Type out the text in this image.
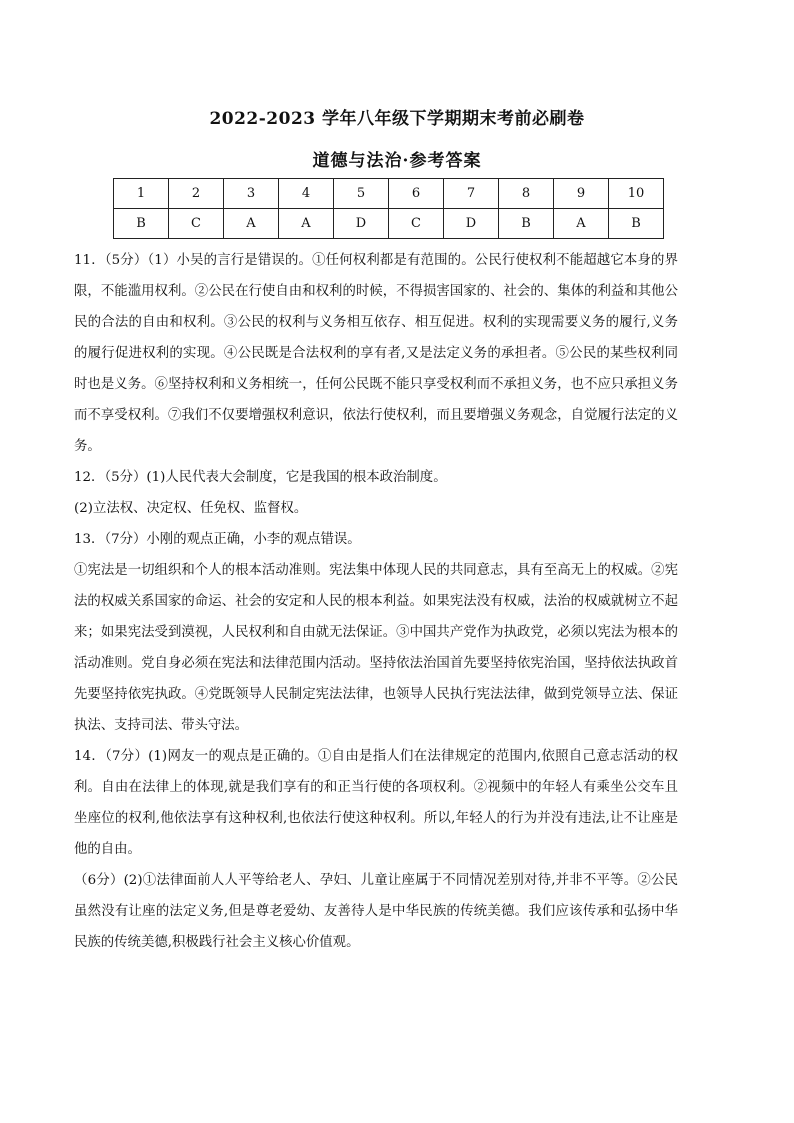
2022-2023 学年八年级下学期期末考前必刷卷
道德与法治·参考答案
1	2	3	4	5	6	7	8	9	10
B	C	A	A	D	C	D	B	A	B

11．（5分）（1）小吴的言行是错误的。①任何权利都是有范围的。公民行使权利不能超越它本身的界限，不能滥用权利。②公民在行使自由和权利的时候，不得损害国家的、社会的、集体的利益和其他公民的合法的自由和权利。③公民的权利与义务相互依存、相互促进。权利的实现需要义务的履行,义务的履行促进权利的实现。④公民既是合法权利的享有者,又是法定义务的承担者。⑤公民的某些权利同时也是义务。⑥坚持权利和义务相统一，任何公民既不能只享受权利而不承担义务，也不应只承担义务而不享受权利。⑦我们不仅要增强权利意识，依法行使权利，而且要增强义务观念，自觉履行法定的义务。

12．（5分）(1)人民代表大会制度，它是我国的根本政治制度。

(2)立法权、决定权、任免权、监督权。

13．（7分）小刚的观点正确，小李的观点错误。

①宪法是一切组织和个人的根本活动准则。宪法集中体现人民的共同意志，具有至高无上的权威。②宪法的权威关系国家的命运、社会的安定和人民的根本利益。如果宪法没有权威，法治的权威就树立不起来；如果宪法受到漠视，人民权利和自由就无法保证。③中国共产党作为执政党，必须以宪法为根本的活动准则。党自身必须在宪法和法律范围内活动。坚持依法治国首先要坚持依宪治国，坚持依法执政首先要坚持依宪执政。④党既领导人民制定宪法法律，也领导人民执行宪法法律，做到党领导立法、保证执法、支持司法、带头守法。

14．（7分）(1)网友一的观点是正确的。①自由是指人们在法律规定的范围内,依照自己意志活动的权利。自由在法律上的体现,就是我们享有的和正当行使的各项权利。②视频中的年轻人有乘坐公交车且坐座位的权利,他依法享有这种权利,也依法行使这种权利。所以,年轻人的行为并没有违法,让不让座是他的自由。

（6分）(2)①法律面前人人平等给老人、孕妇、儿童让座属于不同情况差别对待,并非不平等。②公民虽然没有让座的法定义务,但是尊老爱幼、友善待人是中华民族的传统美德。我们应该传承和弘扬中华民族的传统美德,积极践行社会主义核心价值观。
